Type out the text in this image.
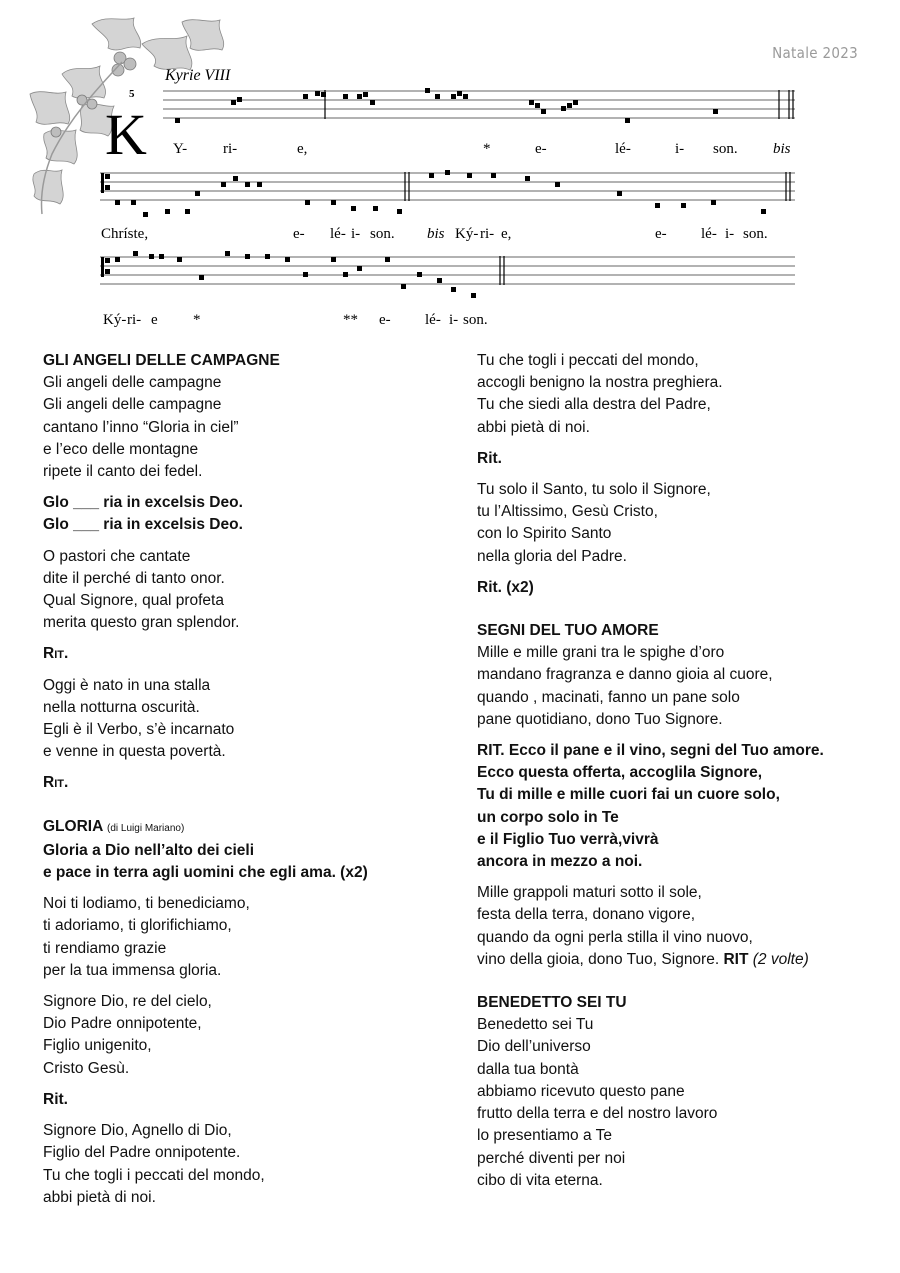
Natale 2023
5
Kyrie VIII
K Y- ri-	e,	*	e-	lé-	i- son. bis
Chríste,	e- lé- i- son. bis Ký- ri- e,	e- lé- i- son.
Ký- ri- e *	** e- lé- i- son.
GLI ANGELI DELLE CAMPAGNE
Gli angeli delle campagne
Gli angeli delle campagne
cantano l’inno “Gloria in ciel”
e l’eco delle montagne
ripete il canto dei fedel.
Glo ___ ria in excelsis Deo.
Glo ___ ria in excelsis Deo.
O pastori che cantate
dite il perché di tanto onor.
Qual Signore, qual profeta
merita questo gran splendor.
Rit.
Oggi è nato in una stalla
nella notturna oscurità.
Egli è il Verbo, s’è incarnato
e venne in questa povertà.
Rit.
GLORIA (di Luigi Mariano)
Gloria a Dio nell’alto dei cieli
e pace in terra agli uomini che egli ama. (x2)
Noi ti lodiamo, ti benediciamo,
ti adoriamo, ti glorifichiamo,
ti rendiamo grazie
per la tua immensa gloria.
Signore Dio, re del cielo,
Dio Padre onnipotente,
Figlio unigenito,
Cristo Gesù.
Rit.
Signore Dio, Agnello di Dio,
Figlio del Padre onnipotente.
Tu che togli i peccati del mondo,
abbi pietà di noi.
Tu che togli i peccati del mondo,
accogli benigno la nostra preghiera.
Tu che siedi alla destra del Padre,
abbi pietà di noi.
Rit.
Tu solo il Santo, tu solo il Signore,
tu l’Altissimo, Gesù Cristo,
con lo Spirito Santo
nella gloria del Padre.
Rit. (x2)
SEGNI DEL TUO AMORE
Mille e mille grani tra le spighe d’oro
mandano fragranza e danno gioia al cuore,
quando , macinati, fanno un pane solo
pane quotidiano, dono Tuo Signore.
RIT. Ecco il pane e il vino, segni del Tuo amore.
Ecco questa offerta, accoglila Signore,
Tu di mille e mille cuori fai un cuore solo,
un corpo solo in Te
e il Figlio Tuo verrà,vivrà
ancora in mezzo a noi.
Mille grappoli maturi sotto il sole,
festa della terra, donano vigore,
quando da ogni perla stilla il vino nuovo,
vino della gioia, dono Tuo, Signore. RIT (2 volte)
BENEDETTO SEI TU
Benedetto sei Tu
Dio dell’universo
dalla tua bontà
abbiamo ricevuto questo pane
frutto della terra e del nostro lavoro
lo presentiamo a Te
perché diventi per noi
cibo di vita eterna.
